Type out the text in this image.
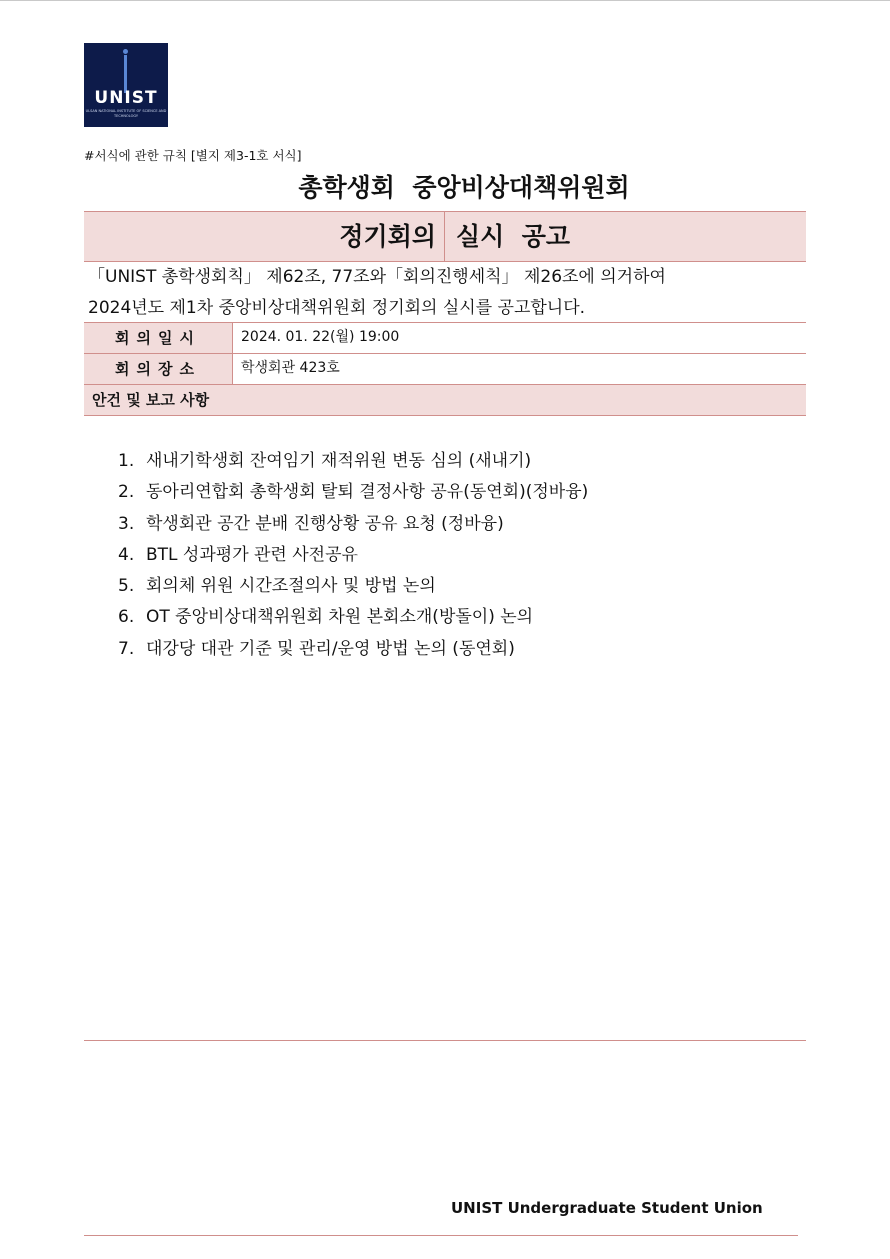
UNIST
ULSAN NATIONAL INSTITUTE OF SCIENCE AND TECHNOLOGY
#서식에 관한 규칙 [별지 제3-1호 서식]
총학생회  중앙비상대책위원회
정기회의 실시  공고
「UNIST 총학생회칙」 제62조, 77조와「회의진행세칙」 제26조에 의거하여
2024년도 제1차 중앙비상대책위원회 정기회의 실시를 공고합니다.
회의일시	2024. 01. 22(월) 19:00
회의장소	학생회관 423호
안건 및 보고 사항
1. 새내기학생회 잔여임기 재적위원 변동 심의 (새내기)
2. 동아리연합회 총학생회 탈퇴 결정사항 공유(동연회)(정바융)
3. 학생회관 공간 분배 진행상황 공유 요청 (정바융)
4. BTL 성과평가 관련 사전공유
5. 회의체 위원 시간조절의사 및 방법 논의
6. OT 중앙비상대책위원회 차원 본회소개(방돌이) 논의
7. 대강당 대관 기준 및 관리/운영 방법 논의 (동연회)
UNIST Undergraduate Student Union
